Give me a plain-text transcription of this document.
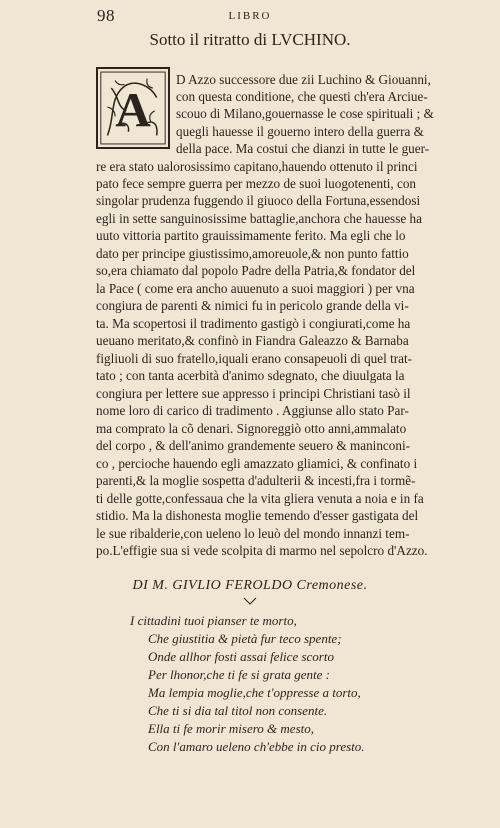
98	LIBRO
Sotto il ritratto di LVCHINO.
A
D Azzo successore due zii Luchino & Giouanni,
con questa conditione, che questi ch'era Arciue-
scouo di Milano,gouernasse le cose spirituali ; &
quegli hauesse il gouerno intero della guerra &
della pace. Ma costui che dianzi in tutte le guer-
re era stato ualorosissimo capitano,hauendo ottenuto il princi
pato fece sempre guerra per mezzo de suoi luogotenenti, con
singolar prudenza fuggendo il giuoco della Fortuna,essendosi
egli in sette sanguinosissime battaglie,anchora che hauesse ha
uuto vittoria partito grauissimamente ferito. Ma egli che lo
dato per principe giustissimo,amoreuole,& non punto fattio
so,era chiamato dal popolo Padre della Patria,& fondator del
la Pace ( come era ancho auuenuto a suoi maggiori ) per vna
congiura de parenti & nimici fu in pericolo grande della vi-
ta. Ma scopertosi il tradimento gastigò i congiurati,come ha
ueuano meritato,& confinò in Fiandra Galeazzo & Barnaba
figliuoli di suo fratello,iquali erano consapeuoli di quel trat-
tato ; con tanta acerbità d'animo sdegnato, che diuulgata la
congiura per lettere sue appresso i principi Christiani tasò il
nome loro di carico di tradimento . Aggiunse allo stato Par-
ma comprato la cõ denari. Signoreggiò otto anni,ammalato
del corpo , & dell'animo grandemente seuero & maninconi-
co , percioche hauendo egli amazzato gliamici, & confinato i
parenti,& la moglie sospetta d'adulterii & incesti,fra i tormẽ-
ti delle gotte,confessaua che la vita gliera venuta a noia e in fa
stidio. Ma la dishonesta moglie temendo d'esser gastigata del
le sue ribalderie,con ueleno lo leuò del mondo innanzi tem-
po.L'effigie sua si vede scolpita di marmo nel sepolcro d'Azzo.
DI M. GIVLIO FEROLDO Cremonese.
I cittadini tuoi pianser te morto,
Che giustitia & pietà fur teco spente;
Onde allhor fosti assai felice scorto
Per lhonor,che ti fe si grata gente :
Ma lempia moglie,che t'oppresse a torto,
Che ti si dia tal titol non consente.
Ella ti fe morir misero & mesto,
Con l'amaro ueleno ch'ebbe in cio presto.
